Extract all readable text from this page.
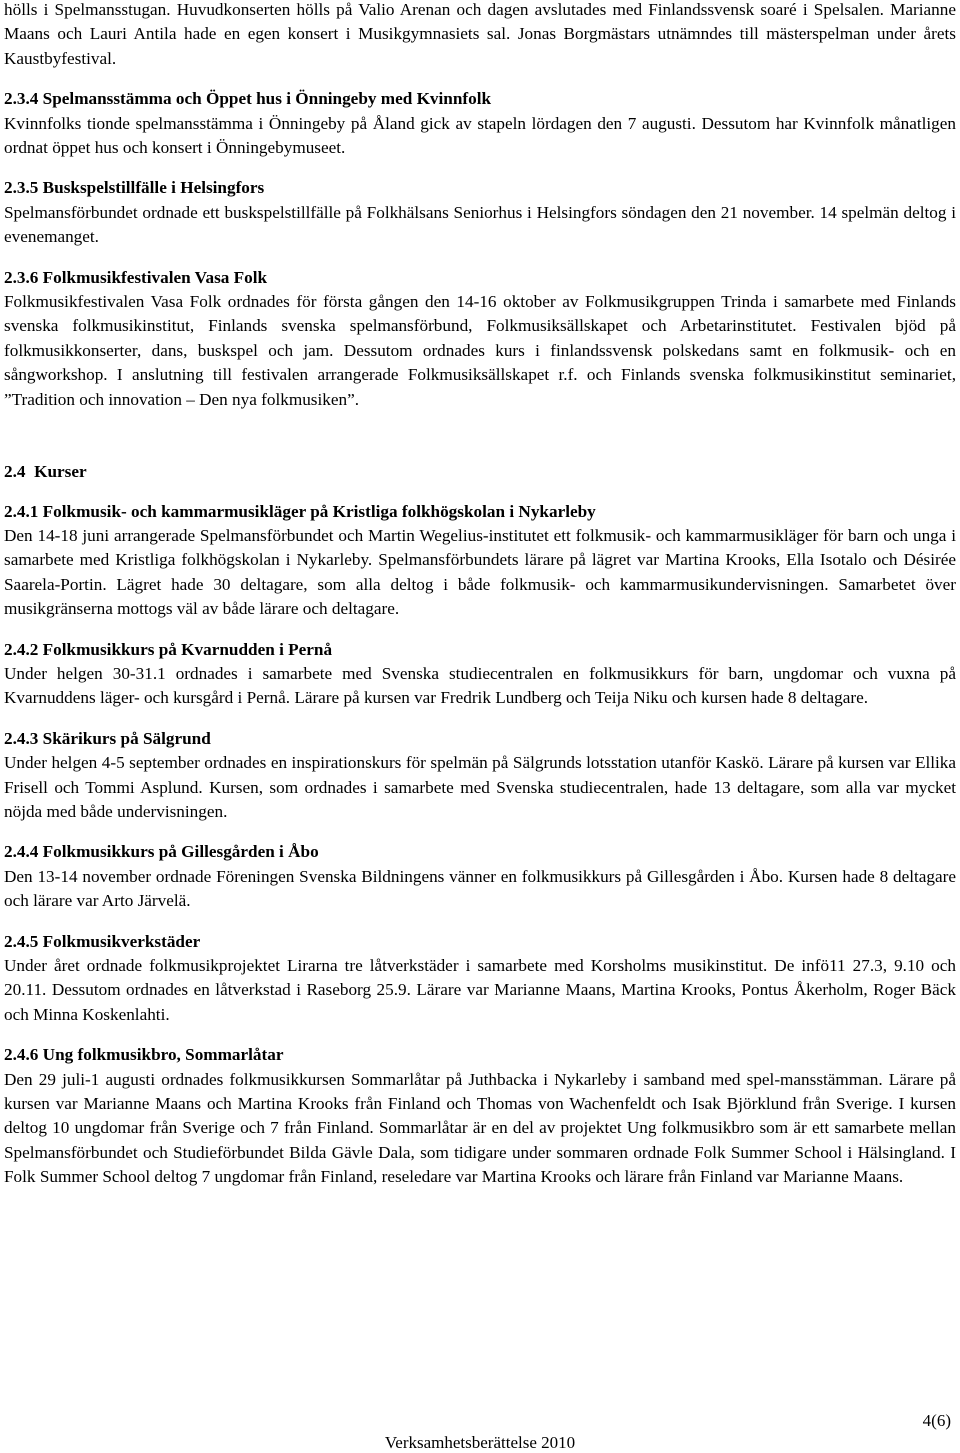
hölls i Spelmansstugan. Huvudkonserten hölls på Valio Arenan och dagen avslutades med Finlandssvensk soaré i Spelsalen. Marianne Maans och Lauri Antila hade en egen konsert i Musikgymnasiets sal. Jonas Borgmästars utnämndes till mästerspelman under årets Kaustbyfestival.

2.3.4 Spelmansstämma och Öppet hus i Önningeby med Kvinnfolk

Kvinnfolks tionde spelmansstämma i Önningeby på Åland gick av stapeln lördagen den 7 augusti. Dessutom har Kvinnfolk månatligen ordnat öppet hus och konsert i Önningebymuseet.

2.3.5 Buskspelstillfälle i Helsingfors

Spelmansförbundet ordnade ett buskspelstillfälle på Folkhälsans Seniorhus i Helsingfors söndagen den 21 november. 14 spelmän deltog i evenemanget.

2.3.6 Folkmusikfestivalen Vasa Folk

Folkmusikfestivalen Vasa Folk ordnades för första gången den 14-16 oktober av Folkmusikgruppen Trinda i samarbete med Finlands svenska folkmusikinstitut, Finlands svenska spelmansförbund, Folkmusiksällskapet och Arbetarinstitutet. Festivalen bjöd på folkmusikkonserter, dans, buskspel och jam. Dessutom ordnades kurs i finlandssvensk polskedans samt en folkmusik- och en sångworkshop. I anslutning till festivalen arrangerade Folkmusiksällskapet r.f. och Finlands svenska folkmusikinstitut seminariet, ”Tradition och innovation – Den nya folkmusiken”.

2.4  Kurser

2.4.1 Folkmusik- och kammarmusikläger på Kristliga folkhögskolan i Nykarleby

Den 14-18 juni arrangerade Spelmansförbundet och Martin Wegelius-institutet ett folkmusik- och kammarmusikläger för barn och unga i samarbete med Kristliga folkhögskolan i Nykarleby. Spelmansförbundets lärare på lägret var Martina Krooks, Ella Isotalo och Désirée Saarela-Portin. Lägret hade 30 deltagare, som alla deltog i både folkmusik- och kammarmusikundervisningen. Samarbetet över musikgränserna mottogs väl av både lärare och deltagare.

2.4.2 Folkmusikkurs på Kvarnudden i Pernå

Under helgen 30-31.1 ordnades i samarbete med Svenska studiecentralen en folkmusikkurs för barn, ungdomar och vuxna på Kvarnuddens läger- och kursgård i Pernå. Lärare på kursen var Fredrik Lundberg och Teija Niku och kursen hade 8 deltagare.

2.4.3 Skärikurs på Sälgrund

Under helgen 4-5 september ordnades en inspirationskurs för spelmän på Sälgrunds lotsstation utanför Kaskö. Lärare på kursen var Ellika Frisell och Tommi Asplund. Kursen, som ordnades i samarbete med Svenska studiecentralen, hade 13 deltagare, som alla var mycket nöjda med både undervisningen.

2.4.4 Folkmusikkurs på Gillesgården i Åbo

Den 13-14 november ordnade Föreningen Svenska Bildningens vänner en folkmusikkurs på Gillesgården i Åbo. Kursen hade 8 deltagare och lärare var Arto Järvelä.

2.4.5 Folkmusikverkstäder

Under året ordnade folkmusikprojektet Lirarna tre låtverkstäder i samarbete med Korsholms musikinstitut. De infö11 27.3, 9.10 och 20.11. Dessutom ordnades en låtverkstad i Raseborg 25.9. Lärare var Marianne Maans, Martina Krooks, Pontus Åkerholm, Roger Bäck och Minna Koskenlahti.

2.4.6 Ung folkmusikbro, Sommarlåtar

Den 29 juli-1 augusti ordnades folkmusikkursen Sommarlåtar på Juthbacka i Nykarleby i samband med spel-mansstämman. Lärare på kursen var Marianne Maans och Martina Krooks från Finland och Thomas von Wachenfeldt och Isak Björklund från Sverige. I kursen deltog 10 ungdomar från Sverige och 7 från Finland. Sommarlåtar är en del av projektet Ung folkmusikbro som är ett samarbete mellan Spelmansförbundet och Studieförbundet Bilda Gävle Dala, som tidigare under sommaren ordnade Folk Summer School i Hälsingland. I Folk Summer School deltog 7 ungdomar från Finland, reseledare var Martina Krooks och lärare från Finland var Marianne Maans.

4(6)
Verksamhetsberättelse 2010
